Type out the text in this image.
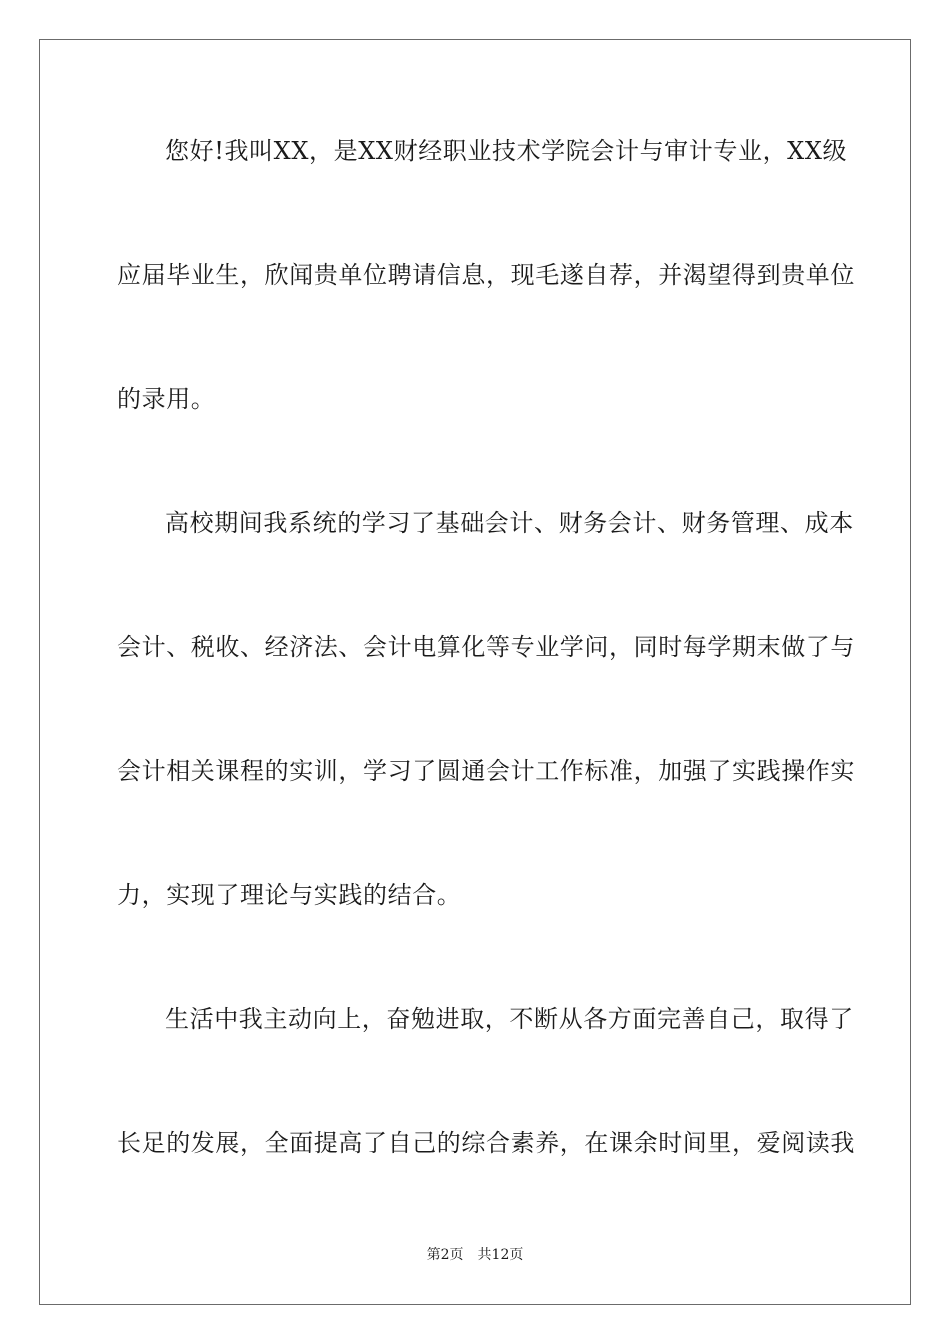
您好!我叫XX，是XX财经职业技术学院会计与审计专业，XX级
应届毕业生，欣闻贵单位聘请信息，现毛遂自荐，并渴望得到贵单位
的录用。
高校期间我系统的学习了基础会计、财务会计、财务管理、成本
会计、税收、经济法、会计电算化等专业学问，同时每学期末做了与
会计相关课程的实训，学习了圆通会计工作标准，加强了实践操作实
力，实现了理论与实践的结合。
生活中我主动向上，奋勉进取，不断从各方面完善自己，取得了
长足的发展，全面提高了自己的综合素养，在课余时间里，爱阅读我
第2页 共12页
